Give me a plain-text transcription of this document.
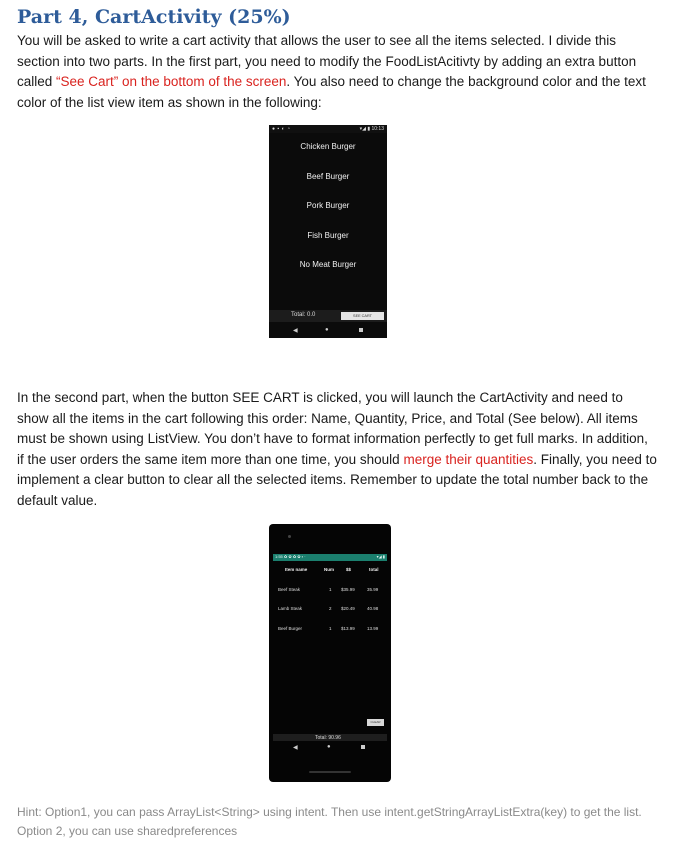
Part 4, CartActivity (25%)
You will be asked to write a cart activity that allows the user to see all the items selected. I divide this section into two parts. In the first part, you need to modify the FoodListAcitivty by adding an extra button called “See Cart” on the bottom of the screen. You also need to change the background color and the text color of the list view item as shown in the following:
● ▪ ◐ ◔	▾◢ ▮ 10:13
Chicken Burger
Beef Burger
Pork Burger
Fish Burger
No Meat Burger
Total: 0.0	SEE CART
◀	●
In the second part, when the button SEE CART is clicked, you will launch the CartActivity and need to show all the items in the cart following this order: Name, Quantity, Price, and Total (See below). All items must be shown using ListView. You don’t have to format information perfectly to get full marks. In addition, if the user orders the same item more than one time, you should merge their quantities. Finally, you need to implement a clear button to clear all the selected items. Remember to update the total number back to the default value.
1:55 ✿ ✿ ✿ ✿ ▪ ·	▾◢ ▮
Item name	Num	$$	total
Beef Steak	1 $35.99	35.99
Lamb Steak	2 $20.49	40.98
Beef Burger	1 $13.99	13.99
CLEAR
Total: 90.96
◀	●
Hint: Option1, you can pass ArrayList<String> using intent. Then use intent.getStringArrayListExtra(key) to get the list. Option 2, you can use sharedpreferences
